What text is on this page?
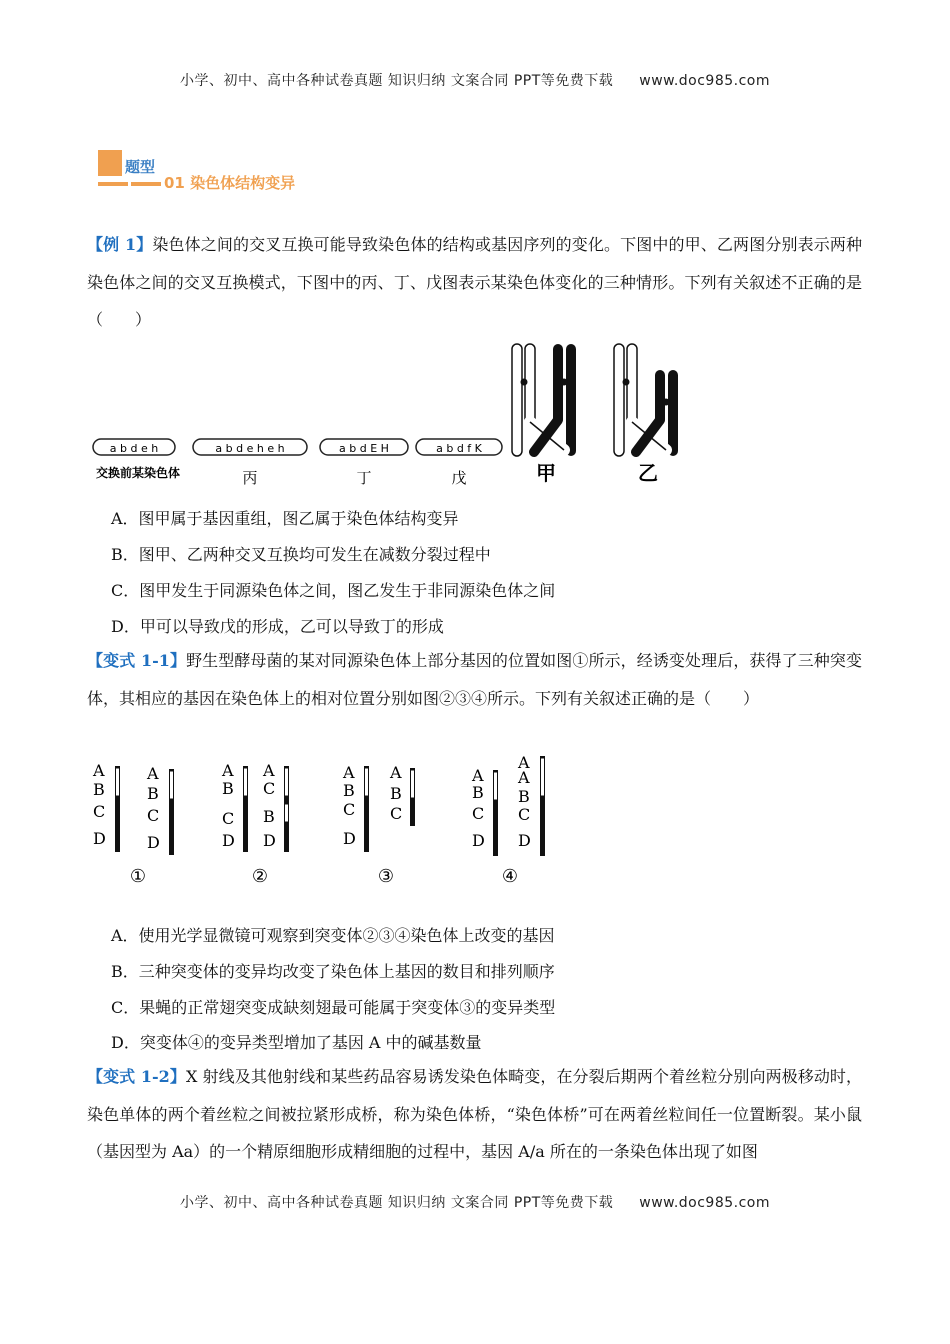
小学、初中、高中各种试卷真题 知识归纳 文案合同 PPT等免费下载 www.doc985.com
题型
01 染色体结构变异
【例 1】染色体之间的交叉互换可能导致染色体的结构或基因序列的变化。下图中的甲、乙两图分别表示两种染色体之间的交叉互换模式，下图中的丙、丁、戊图表示某染色体变化的三种情形。下列有关叙述不正确的是（　　）
a b d e h	a b d e h e h	a b d E H	a b d f K
交换前某染色体	丙	丁	戊	甲	乙
A．图甲属于基因重组，图乙属于染色体结构变异
B．图甲、乙两种交叉互换均可发生在减数分裂过程中
C．图甲发生于同源染色体之间，图乙发生于非同源染色体之间
D．甲可以导致戊的形成，乙可以导致丁的形成
【变式 1-1】野生型酵母菌的某对同源染色体上部分基因的位置如图①所示，经诱变处理后，获得了三种突变体，其相应的基因在染色体上的相对位置分别如图②③④所示。下列有关叙述正确的是（　　）
A
B
C
D
A
B
C
D
①
A
B
C
D
A
C
B
D
②
A
B
C
D
A
B
C
③
A
B
C
D
A
A
B
C
D
④
A．使用光学显微镜可观察到突变体②③④染色体上改变的基因
B．三种突变体的变异均改变了染色体上基因的数目和排列顺序
C．果蝇的正常翅突变成缺刻翅最可能属于突变体③的变异类型
D．突变体④的变异类型增加了基因 A 中的碱基数量
【变式 1-2】X 射线及其他射线和某些药品容易诱发染色体畸变，在分裂后期两个着丝粒分别向两极移动时，染色单体的两个着丝粒之间被拉紧形成桥，称为染色体桥，“染色体桥”可在两着丝粒间任一位置断裂。某小鼠（基因型为 Aa）的一个精原细胞形成精细胞的过程中，基因 A/a 所在的一条染色体出现了如图
小学、初中、高中各种试卷真题 知识归纳 文案合同 PPT等免费下载 www.doc985.com
